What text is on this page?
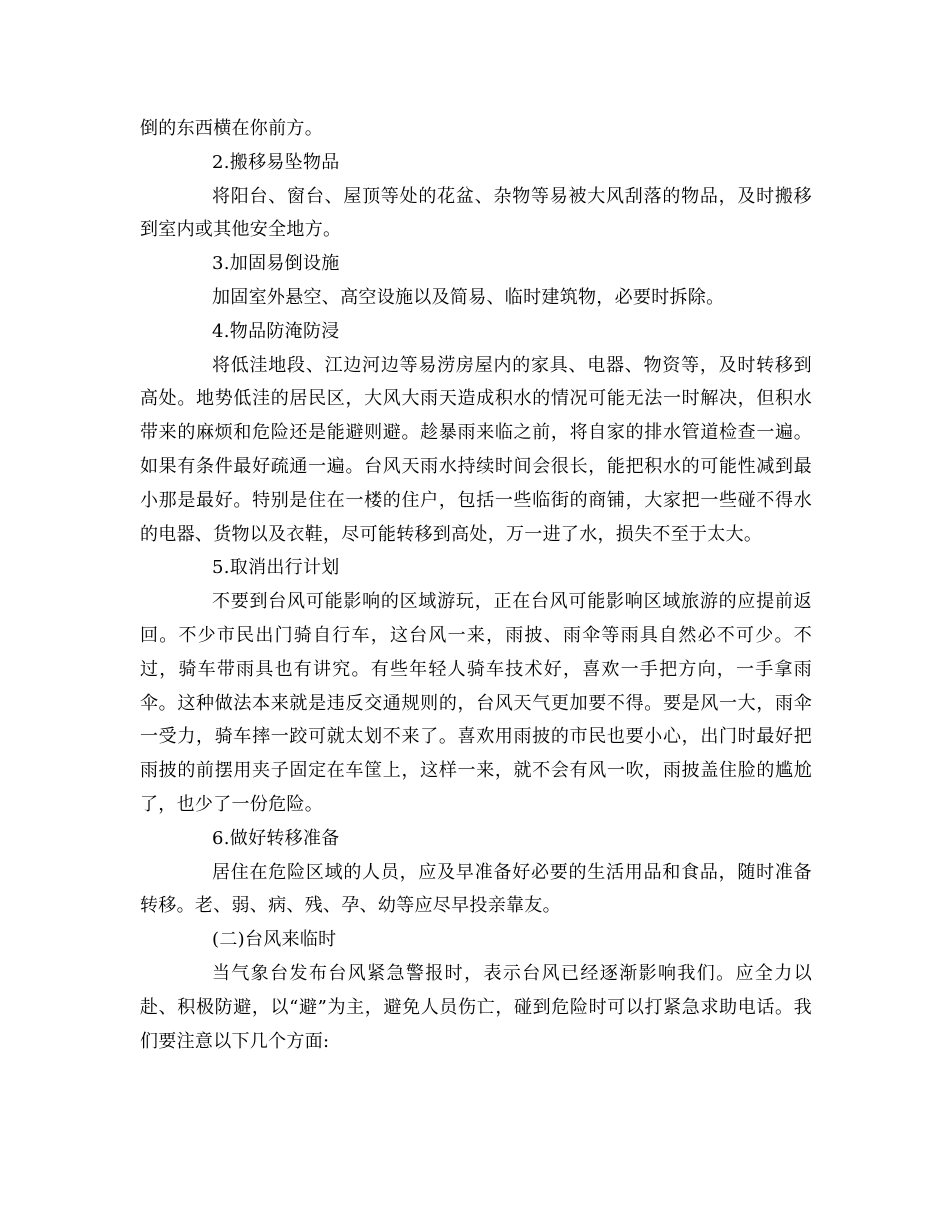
倒的东西横在你前方。

2.搬移易坠物品

将阳台、窗台、屋顶等处的花盆、杂物等易被大风刮落的物品，及时搬移到室内或其他安全地方。

3.加固易倒设施

加固室外悬空、高空设施以及简易、临时建筑物，必要时拆除。

4.物品防淹防浸

将低洼地段、江边河边等易涝房屋内的家具、电器、物资等，及时转移到高处。地势低洼的居民区，大风大雨天造成积水的情况可能无法一时解决，但积水带来的麻烦和危险还是能避则避。趁暴雨来临之前，将自家的排水管道检查一遍。如果有条件最好疏通一遍。台风天雨水持续时间会很长，能把积水的可能性减到最小那是最好。特别是住在一楼的住户，包括一些临街的商铺，大家把一些碰不得水的电器、货物以及衣鞋，尽可能转移到高处，万一进了水，损失不至于太大。

5.取消出行计划

不要到台风可能影响的区域游玩，正在台风可能影响区域旅游的应提前返回。不少市民出门骑自行车，这台风一来，雨披、雨伞等雨具自然必不可少。不过，骑车带雨具也有讲究。有些年轻人骑车技术好，喜欢一手把方向，一手拿雨伞。这种做法本来就是违反交通规则的，台风天气更加要不得。要是风一大，雨伞一受力，骑车摔一跤可就太划不来了。喜欢用雨披的市民也要小心，出门时最好把雨披的前摆用夹子固定在车筐上，这样一来，就不会有风一吹，雨披盖住脸的尴尬了，也少了一份危险。

6.做好转移准备

居住在危险区域的人员，应及早准备好必要的生活用品和食品，随时准备转移。老、弱、病、残、孕、幼等应尽早投亲靠友。

(二)台风来临时

当气象台发布台风紧急警报时，表示台风已经逐渐影响我们。应全力以赴、积极防避，以“避”为主，避免人员伤亡，碰到危险时可以打紧急求助电话。我们要注意以下几个方面:
